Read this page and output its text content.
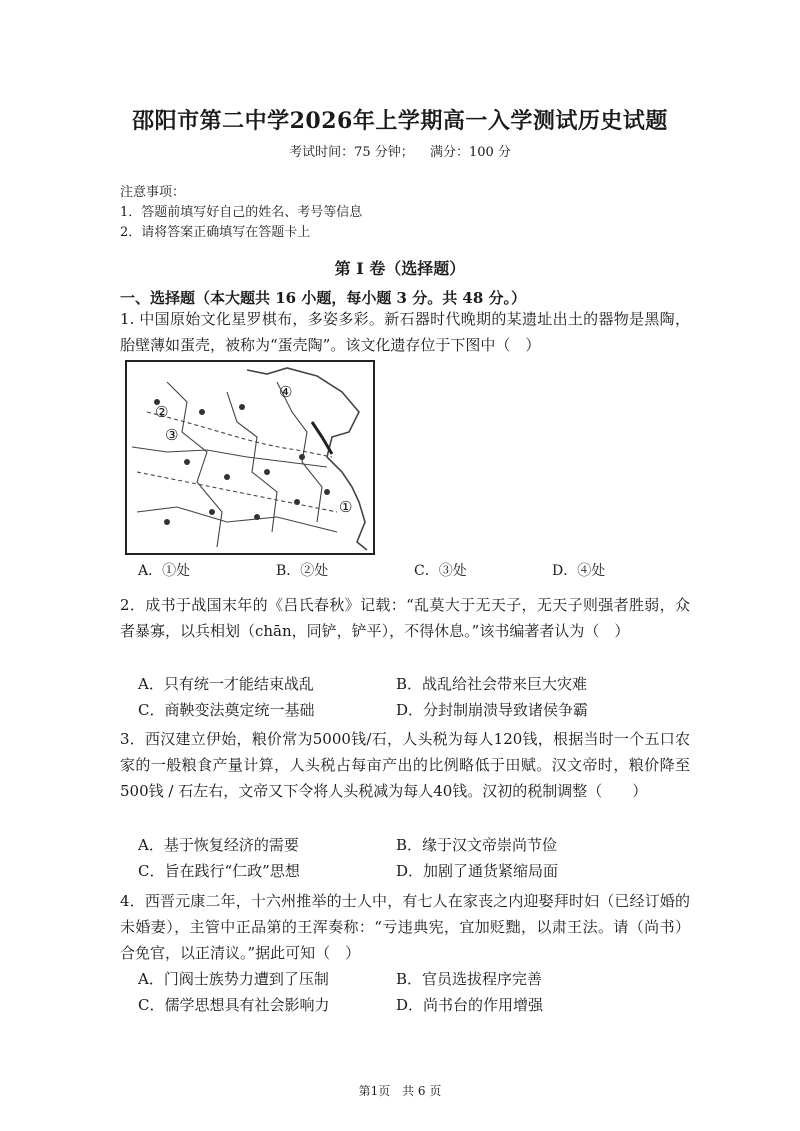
邵阳市第二中学2026年上学期高一入学测试历史试题
考试时间：75 分钟； 满分：100 分
注意事项：
1．答题前填写好自己的姓名、考号等信息
2．请将答案正确填写在答题卡上
第 I 卷（选择题）
一、选择题（本大题共 16 小题，每小题 3 分。共 48 分。）
1. 中国原始文化星罗棋布，多姿多彩。新石器时代晚期的某遗址出土的器物是黑陶，胎壁薄如蛋壳，被称为“蛋壳陶”。该文化遗存位于下图中（　）
①
②
③
④
A．①处	B．②处	C．③处	D．④处
2．成书于战国末年的《吕氏春秋》记载：“乱莫大于无天子，无天子则强者胜弱，众者暴寡，以兵相划（chān，同铲，铲平），不得休息。”该书编著者认为（　）
A．只有统一才能结束战乱	B．战乱给社会带来巨大灾难
C．商鞅变法奠定统一基础	D．分封制崩溃导致诸侯争霸
3．西汉建立伊始，粮价常为5000钱/石，人头税为每人120钱，根据当时一个五口农家的一般粮食产量计算，人头税占每亩产出的比例略低于田赋。汉文帝时，粮价降至500钱 / 石左右，文帝又下令将人头税减为每人40钱。汉初的税制调整（　　）
A．基于恢复经济的需要	B．缘于汉文帝崇尚节俭
C．旨在践行“仁政”思想	D．加剧了通货紧缩局面
4．西晋元康二年，十六州推举的士人中，有七人在家丧之内迎娶拜时妇（已经订婚的未婚妻），主管中正品第的王浑奏称：“亏违典宪，宜加贬黜，以肃王法。请（尚书）合免官，以正清议。”据此可知（　）
A．门阀士族势力遭到了压制	B．官员选拔程序完善
C．儒学思想具有社会影响力	D．尚书台的作用增强
第1页 共 6 页
